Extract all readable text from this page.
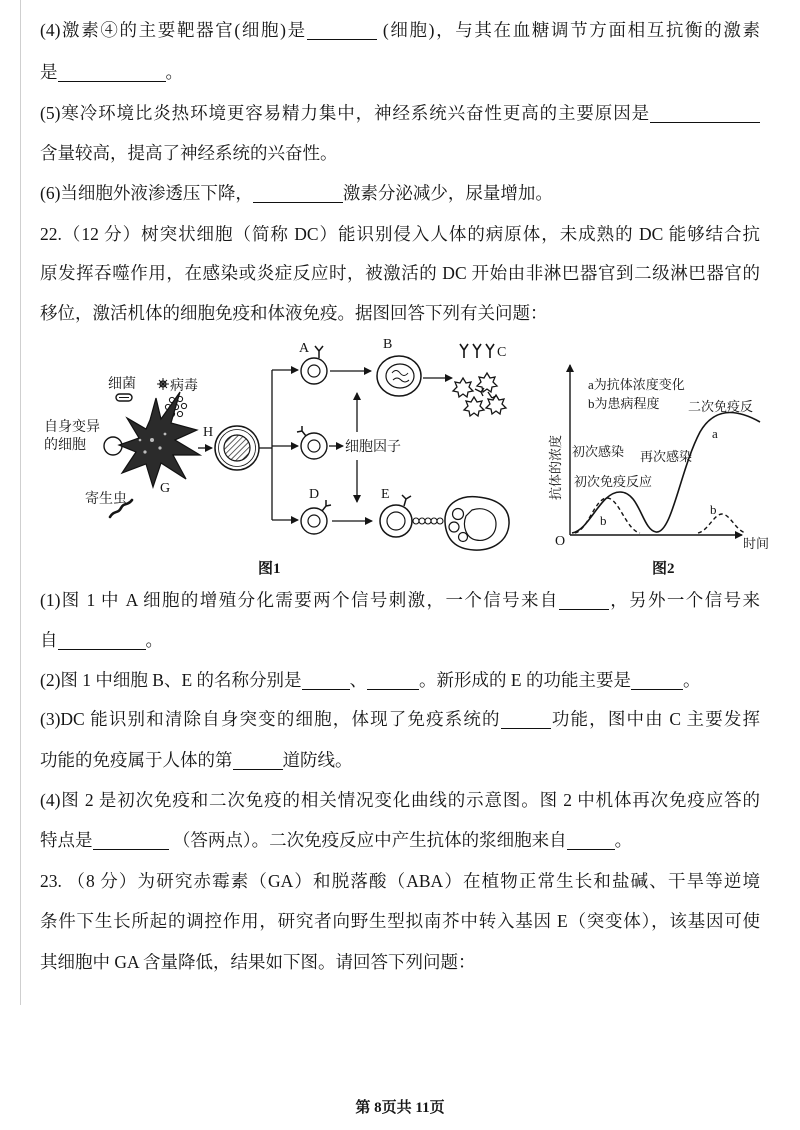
(4)激素④的主要靶器官(细胞)是	(细胞)，与其在血糖调节方面相互抗衡的激素
是	。
(5)寒冷环境比炎热环境更容易精力集中，神经系统兴奋性更高的主要原因是
含量较高，提高了神经系统的兴奋性。
(6)当细胞外液渗透压下降，	激素分泌减少，尿量增加。
22.（12 分）树突状细胞（简称 DC）能识别侵入人体的病原体，未成熟的 DC 能够结合抗
原发挥吞噬作用，在感染或炎症反应时，被激活的 DC 开始由非淋巴器官到二级淋巴器官的
移位，激活机体的细胞免疫和体液免疫。据图回答下列有关问题：
细菌 病毒
自身变异
的细胞
G
寄生虫
H
A	B
C
细胞因子
D	E
图1
O	时间
抗体的浓度
a为抗体浓度变化
b为患病程度 二次免疫反
初次感染 再次感染
初次免疫反应
b
a
b
图2
(1)图 1 中 A 细胞的增殖分化需要两个信号刺激，一个信号来自	，另外一个信号来
自	。
(2)图 1 中细胞 B、E 的名称分别是	、	。新形成的 E 的功能主要是	。
(3)DC 能识别和清除自身突变的细胞，体现了免疫系统的	功能，图中由 C 主要发挥
功能的免疫属于人体的第	道防线。
(4)图 2 是初次免疫和二次免疫的相关情况变化曲线的示意图。图 2 中机体再次免疫应答的
特点是	（答两点）。二次免疫反应中产生抗体的浆细胞来自	。
23. （8 分）为研究赤霉素（GA）和脱落酸（ABA）在植物正常生长和盐碱、干旱等逆境
条件下生长所起的调控作用，研究者向野生型拟南芥中转入基因 E（突变体），该基因可使
其细胞中 GA 含量降低，结果如下图。请回答下列问题：
第 8页共 11页
